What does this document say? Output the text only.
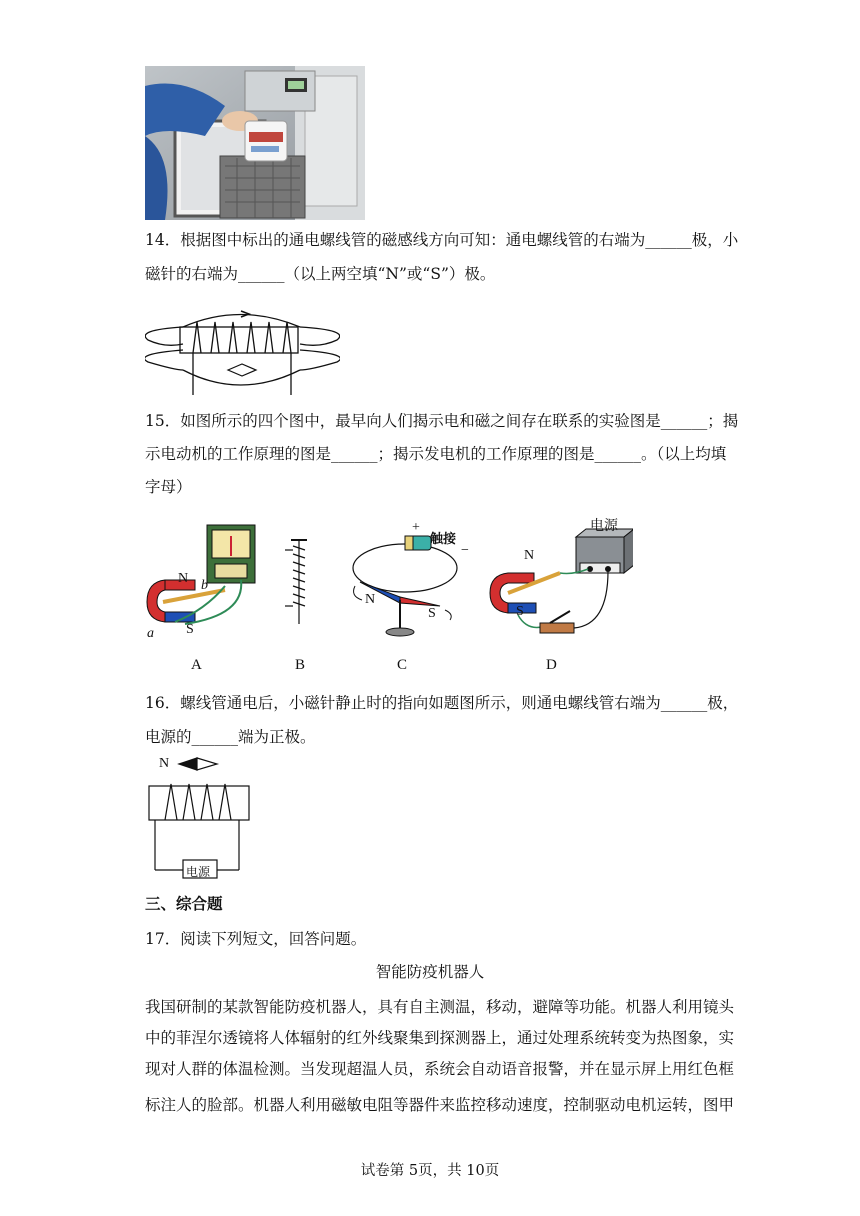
14．根据图中标出的通电螺线管的磁感线方向可知：通电螺线管的右端为______极，小
磁针的右端为______（以上两空填“N”或“S”）极。
15．如图所示的四个图中，最早向人们揭示电和磁之间存在联系的实验图是______；揭
示电动机的工作原理的图是______；揭示发电机的工作原理的图是______。（以上均填
字母）
N b
S
a
+
触接
−
N
S
电源
N
S
A	B	C	D
16．螺线管通电后，小磁针静止时的指向如题图所示，则通电螺线管右端为______极，
电源的______端为正极。
N
电源
三、综合题
17．阅读下列短文，回答问题。
智能防疫机器人
我国研制的某款智能防疫机器人，具有自主测温，移动，避障等功能。机器人利用镜头
中的菲涅尔透镜将人体辐射的红外线聚集到探测器上，通过处理系统转变为热图象，实
现对人群的体温检测。当发现超温人员，系统会自动语音报警，并在显示屏上用红色框
标注人的脸部。机器人利用磁敏电阻等器件来监控移动速度，控制驱动电机运转，图甲
试卷第 5页，共 10页
